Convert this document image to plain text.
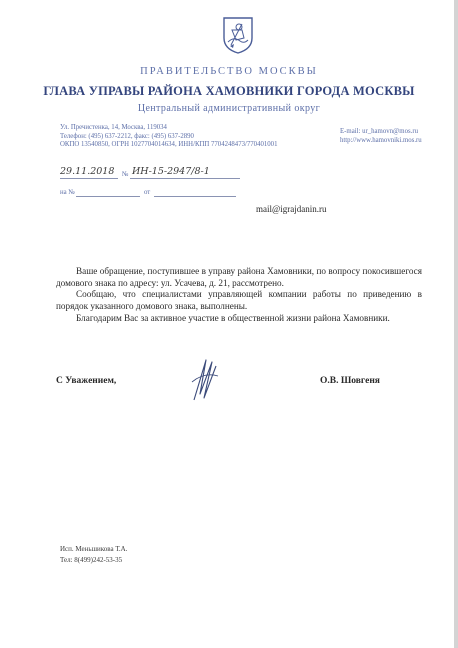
ПРАВИТЕЛЬСТВО МОСКВЫ
ГЛАВА УПРАВЫ РАЙОНА ХАМОВНИКИ ГОРОДА МОСКВЫ
Центральный административный округ
Ул. Пречистенка, 14, Москва, 119034
Телефон: (495) 637-2212, факс: (495) 637-2890
ОКПО 13540850, ОГРН 1027704014634, ИНН/КПП 7704248473/770401001
E-mail: ur_hamovn@mos.ru
http://www.hamovniki.mos.ru
29.11.2018 № ИН-15-2947/8-1
на №	от
mail@igrajdanin.ru

Ваше обращение, поступившее в управу района Хамовники, по вопросу покосившегося домового знака по адресу: ул. Усачева, д. 21, рассмотрено.

Сообщаю, что специалистами управляющей компании работы по приведению в порядок указанного домового знака, выполнены.

Благодарим Вас за активное участие в общественной жизни района Хамовники.

С Уважением,	О.В. Шовгеня
Исп. Меньшикова Т.А.
Тел: 8(499)242-53-35
